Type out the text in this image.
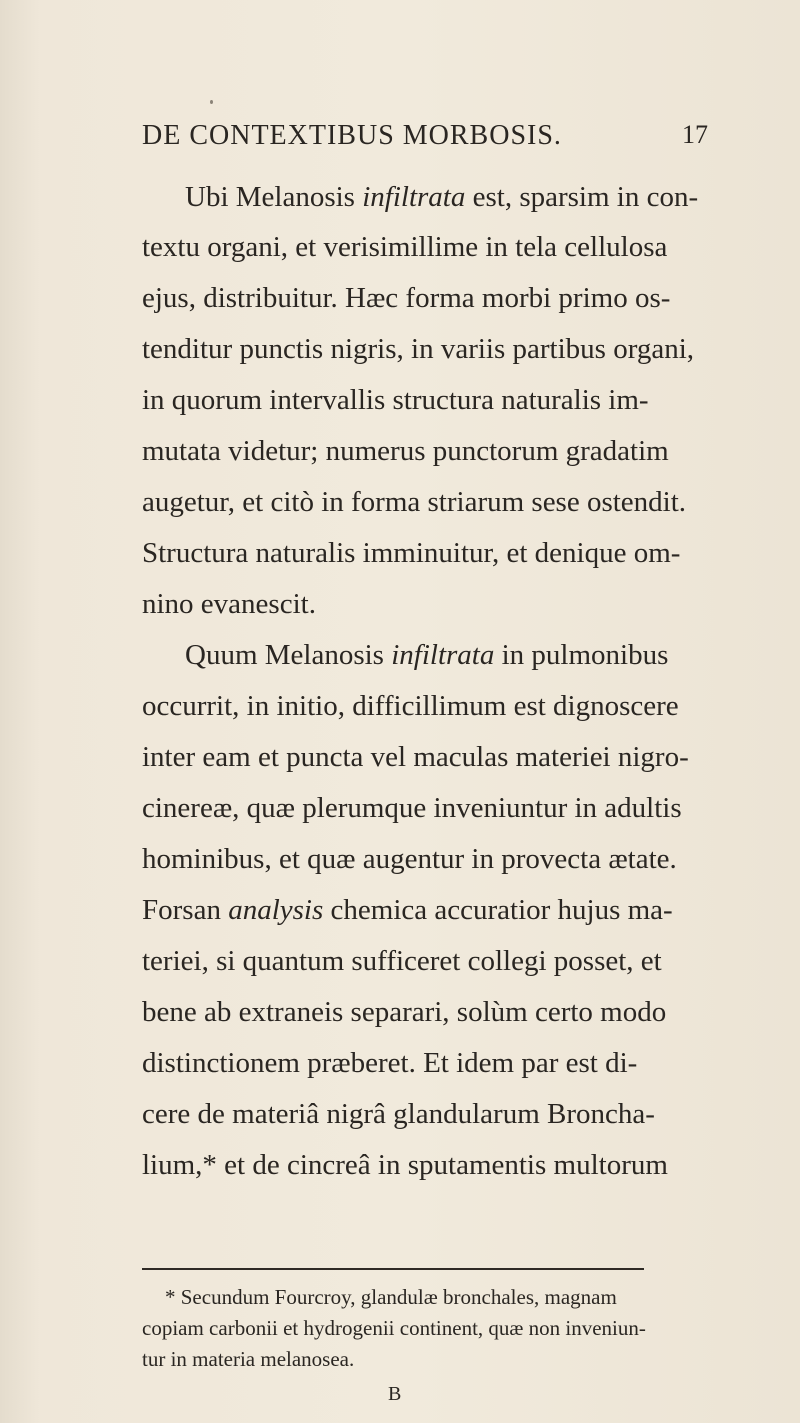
DE CONTEXTIBUS MORBOSIS.	17
Ubi Melanosis infiltrata est, sparsim in con-
textu organi, et verisimillime in tela cellulosa
ejus, distribuitur. Hæc forma morbi primo os-
tenditur punctis nigris, in variis partibus organi,
in quorum intervallis structura naturalis im-
mutata videtur; numerus punctorum gradatim
augetur, et citò in forma striarum sese ostendit.
Structura naturalis imminuitur, et denique om-
nino evanescit.
Quum Melanosis infiltrata in pulmonibus
occurrit, in initio, difficillimum est dignoscere
inter eam et puncta vel maculas materiei nigro-
cinereæ, quæ plerumque inveniuntur in adultis
hominibus, et quæ augentur in provecta ætate.
Forsan analysis chemica accuratior hujus ma-
teriei, si quantum sufficeret collegi posset, et
bene ab extraneis separari, solùm certo modo
distinctionem præberet. Et idem par est di-
cere de materiâ nigrâ glandularum Broncha-
lium,* et de cincreâ in sputamentis multorum
* Secundum Fourcroy, glandulæ bronchales, magnam
copiam carbonii et hydrogenii continent, quæ non inveniun-
tur in materia melanosea.
B
